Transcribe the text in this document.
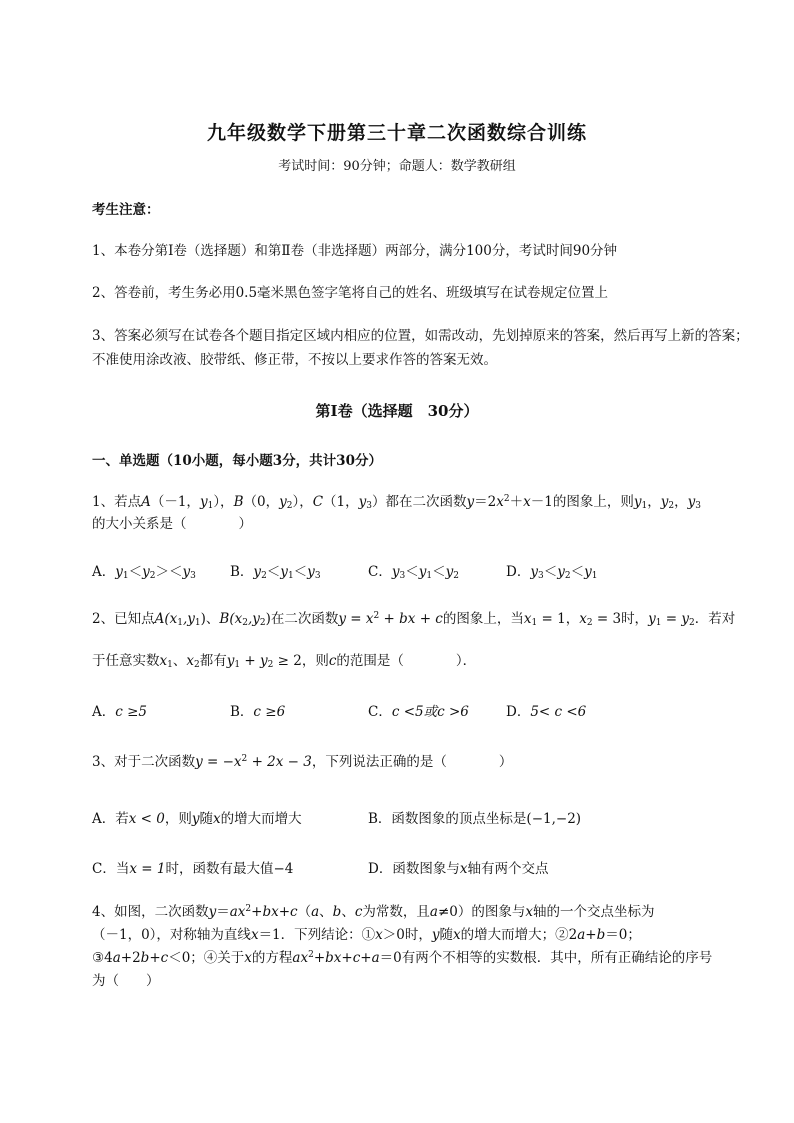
九年级数学下册第三十章二次函数综合训练
考试时间：90分钟；命题人：数学教研组
考生注意：
1、本卷分第I卷（选择题）和第Ⅱ卷（非选择题）两部分，满分100分，考试时间90分钟
2、答卷前，考生务必用0.5毫米黑色签字笔将自己的姓名、班级填写在试卷规定位置上
3、答案必须写在试卷各个题目指定区域内相应的位置，如需改动，先划掉原来的答案，然后再写上新的答案；不准使用涂改液、胶带纸、修正带，不按以上要求作答的答案无效。
第I卷（选择题　30分）
一、单选题（10小题，每小题3分，共计30分）
1、若点A（－1，$y_1$），B（0，$y_2$），C（1，$y_3$）都在二次函数$y=2x^2+x-1$的图象上，则$y_1$，$y_2$，$y_3$
的大小关系是（	）
A．$y_1<y_2><y_3$	B．$y_2<y_1<y_3$	C．$y_3<y_1<y_2$	D．$y_3<y_2<y_1$
2、已知点$A(x_1,y_1)$、$B(x_2,y_2)$在二次函数$y = x^2$ + bx + c的图象上，当$x_1 = 1$，$x_2 = 3$时，$y_1 = y_2$．若对
于任意实数$x_1$、$x_2$都有$y_1 + y_2 \ge 2$，则c的范围是（	）．
A．c ≥5	B．c ≥6	C．c <5或c >6	D．5< c <6
3、对于二次函数$y = -x^2 + 2x - 3$，下列说法正确的是（	）
A．若x < 0，则y随x的增大而增大	B．函数图象的顶点坐标是(−1,−2)
C．当x = 1时，函数有最大值−4	D．函数图象与x轴有两个交点
4、如图，二次函数$y=ax^2+bx+c(a$、b、c为常数，且a≠0）的图象与x轴的一个交点坐标为
（－1，0），对称轴为直线x＝1．下列结论：①x＞0时，y随x的增大而增大；②2a+b＝0；
③4a+2b+c＜0；④关于x的方程$ax^2+bx+c+a=0$有两个不相等的实数根．其中，所有正确结论的序号
为（　　）
